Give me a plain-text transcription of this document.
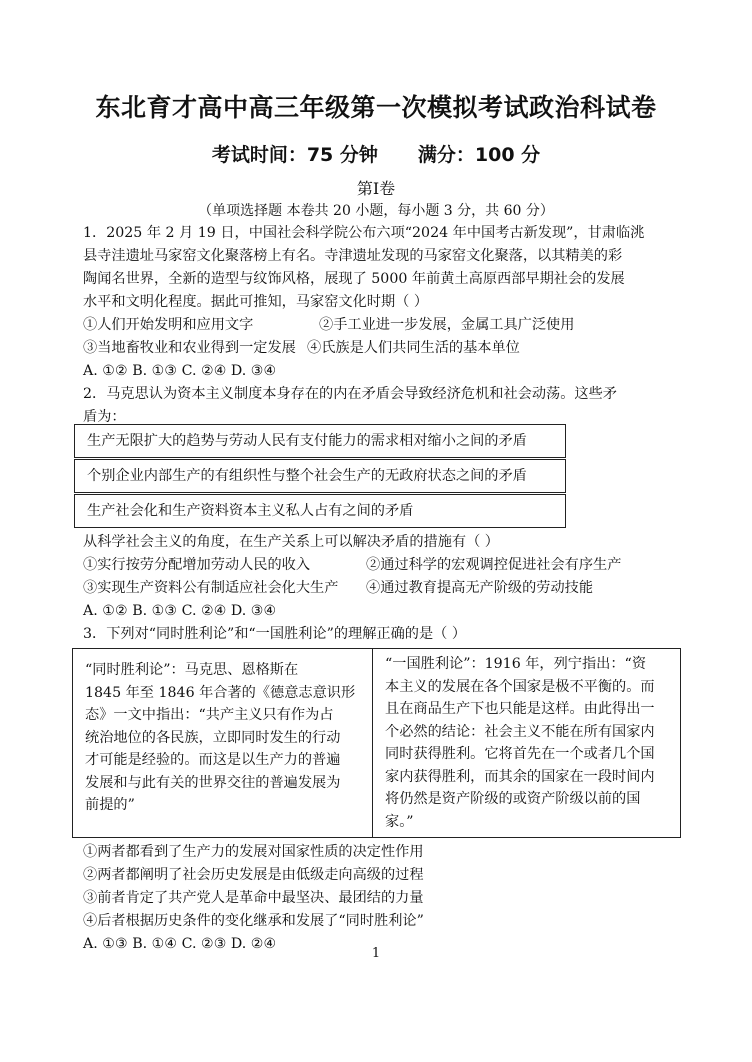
东北育才高中高三年级第一次模拟考试政治科试卷
考试时间：75 分钟 满分：100 分
第Ⅰ卷
（单项选择题 本卷共 20 小题，每小题 3 分，共 60 分）
1．2025 年 2 月 19 日，中国社会科学院公布六项“2024 年中国考古新发现”，甘肃临洮
县寺洼遗址马家窑文化聚落榜上有名。寺津遗址发现的马家窑文化聚落，以其精美的彩
陶闻名世界，全新的造型与纹饰风格，展现了 5000 年前黄土高原西部早期社会的发展
水平和文明化程度。据此可推知，马家窑文化时期（ ）
①人们开始发明和应用文字	②手工业进一步发展，金属工具广泛使用
③当地畜牧业和农业得到一定发展 ④氏族是人们共同生活的基本单位
A. ①② B. ①③ C. ②④ D. ③④
2．马克思认为资本主义制度本身存在的内在矛盾会导致经济危机和社会动荡。这些矛
盾为：
生产无限扩大的趋势与劳动人民有支付能力的需求相对缩小之间的矛盾
个别企业内部生产的有组织性与整个社会生产的无政府状态之间的矛盾
生产社会化和生产资料资本主义私人占有之间的矛盾
从科学社会主义的角度，在生产关系上可以解决矛盾的措施有（ ）
①实行按劳分配增加劳动人民的收入	②通过科学的宏观调控促进社会有序生产
③实现生产资料公有制适应社会化大生产 ④通过教育提高无产阶级的劳动技能
A. ①② B. ①③ C. ②④ D. ③④
3．下列对“同时胜利论”和“一国胜利论”的理解正确的是（ ）
“同时胜利论”：马克思、恩格斯在
1845 年至 1846 年合著的《德意志意识形
态》一文中指出：“共产主义只有作为占
统治地位的各民族，立即同时发生的行动
才可能是经验的。而这是以生产力的普遍
发展和与此有关的世界交往的普遍发展为
前提的”
“一国胜利论”：1916 年，列宁指出：“资
本主义的发展在各个国家是极不平衡的。而
且在商品生产下也只能是这样。由此得出一
个必然的结论：社会主义不能在所有国家内
同时获得胜利。它将首先在一个或者几个国
家内获得胜利，而其余的国家在一段时间内
将仍然是资产阶级的或资产阶级以前的国
家。”
①两者都看到了生产力的发展对国家性质的决定性作用
②两者都阐明了社会历史发展是由低级走向高级的过程
③前者肯定了共产党人是革命中最坚决、最团结的力量
④后者根据历史条件的变化继承和发展了“同时胜利论”
A. ①③ B. ①④ C. ②③ D. ②④
1
